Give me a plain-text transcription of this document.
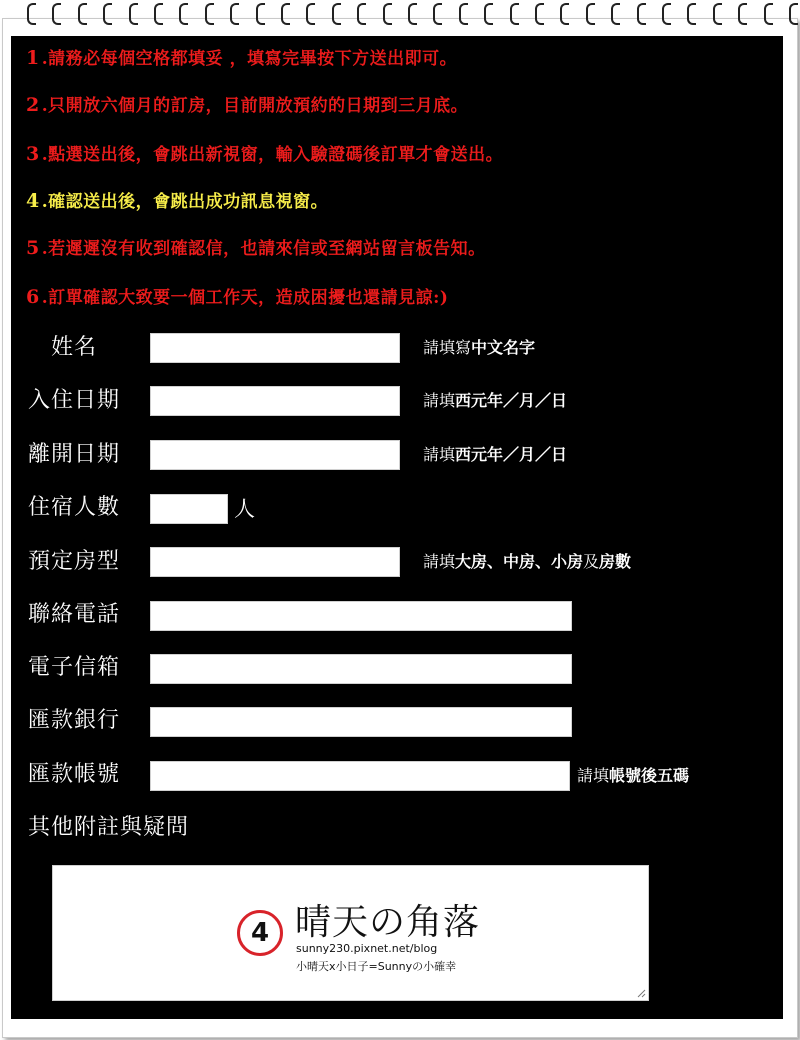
1 .請務必每個空格都填妥 ，填寫完畢按下方送出即可。
2 .只開放六個月的訂房，目前開放預約的日期到三月底。
3 .點選送出後，會跳出新視窗，輸入驗證碼後訂單才會送出。
4 .確認送出後，會跳出成功訊息視窗。
5 .若遲遲沒有收到確認信，也請來信或至網站留言板告知。
6 .訂單確認大致要一個工作天，造成困擾也還請見諒:)
姓名	請填寫中文名字
入住日期	請填西元年／月／日
離開日期	請填西元年／月／日
住宿人數	人
預定房型	請填大房、中房、小房及房數
聯絡電話
電子信箱
匯款銀行
匯款帳號	請填帳號後五碼
其他附註與疑問
4 晴天の角落
sunny230.pixnet.net/blog
小晴天x小日子=Sunnyの小確幸
